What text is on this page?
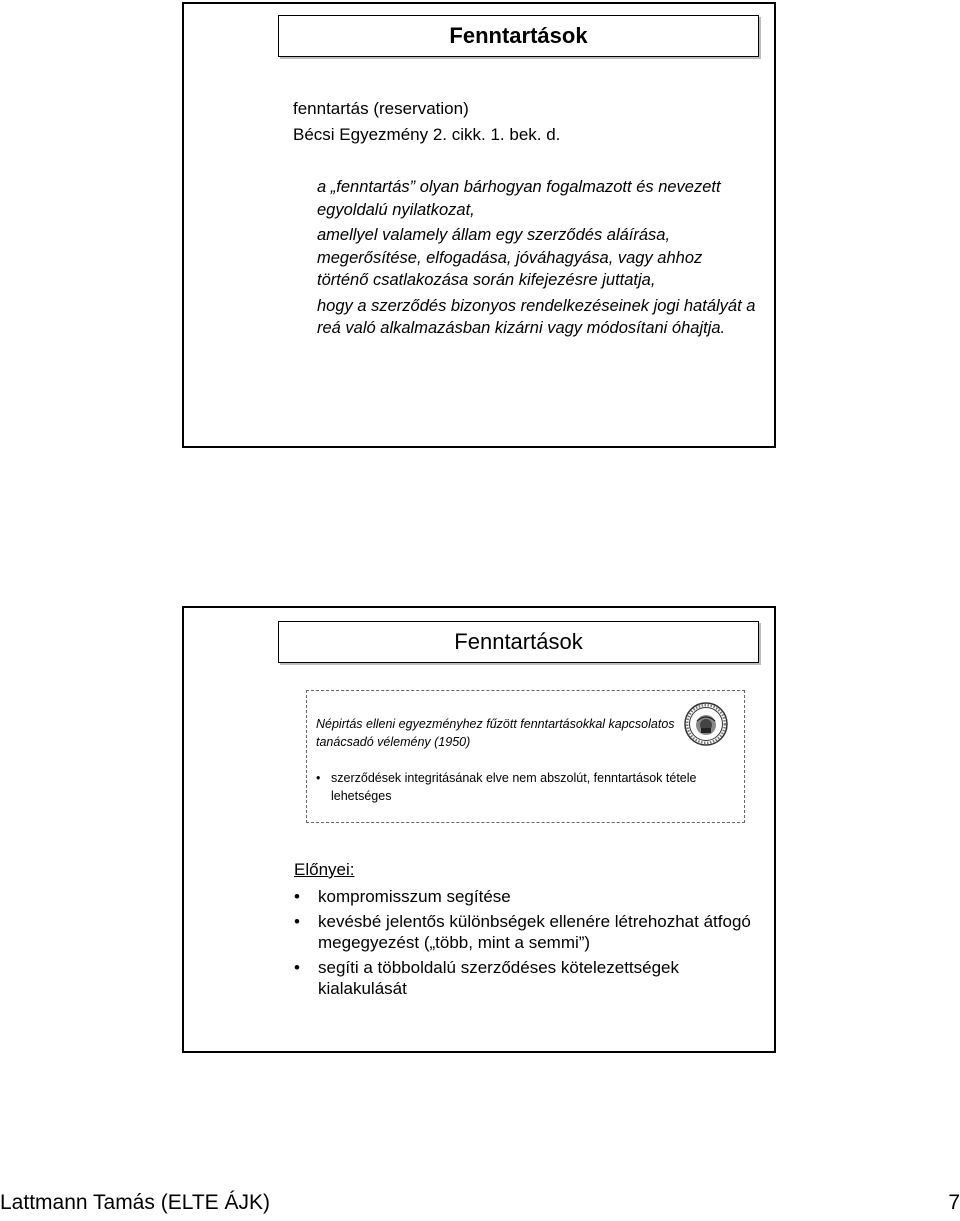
Fenntartások
fenntartás (reservation)
Bécsi Egyezmény 2. cikk. 1. bek. d.

a „fenntartás” olyan bárhogyan fogalmazott és nevezett egyoldalú nyilatkozat,

amellyel valamely állam egy szerződés aláírása, megerősítése, elfogadása, jóváhagyása, vagy ahhoz történő csatlakozása során kifejezésre juttatja,

hogy a szerződés bizonyos rendelkezéseinek jogi hatályát a reá való alkalmazásban kizárni vagy módosítani óhajtja.

Fenntartások
Népirtás elleni egyezményhez fűzött fenntartásokkal kapcsolatos tanácsadó vélemény (1950)
• szerződések integritásának elve nem abszolút, fenntartások tétele lehetséges
Előnyei:
• kompromisszum segítése
• kevésbé jelentős különbségek ellenére létrehozhat átfogó megegyezést („több, mint a semmi”)
• segíti a többoldalú szerződéses kötelezettségek kialakulását
Lattmann Tamás (ELTE ÁJK)	7
